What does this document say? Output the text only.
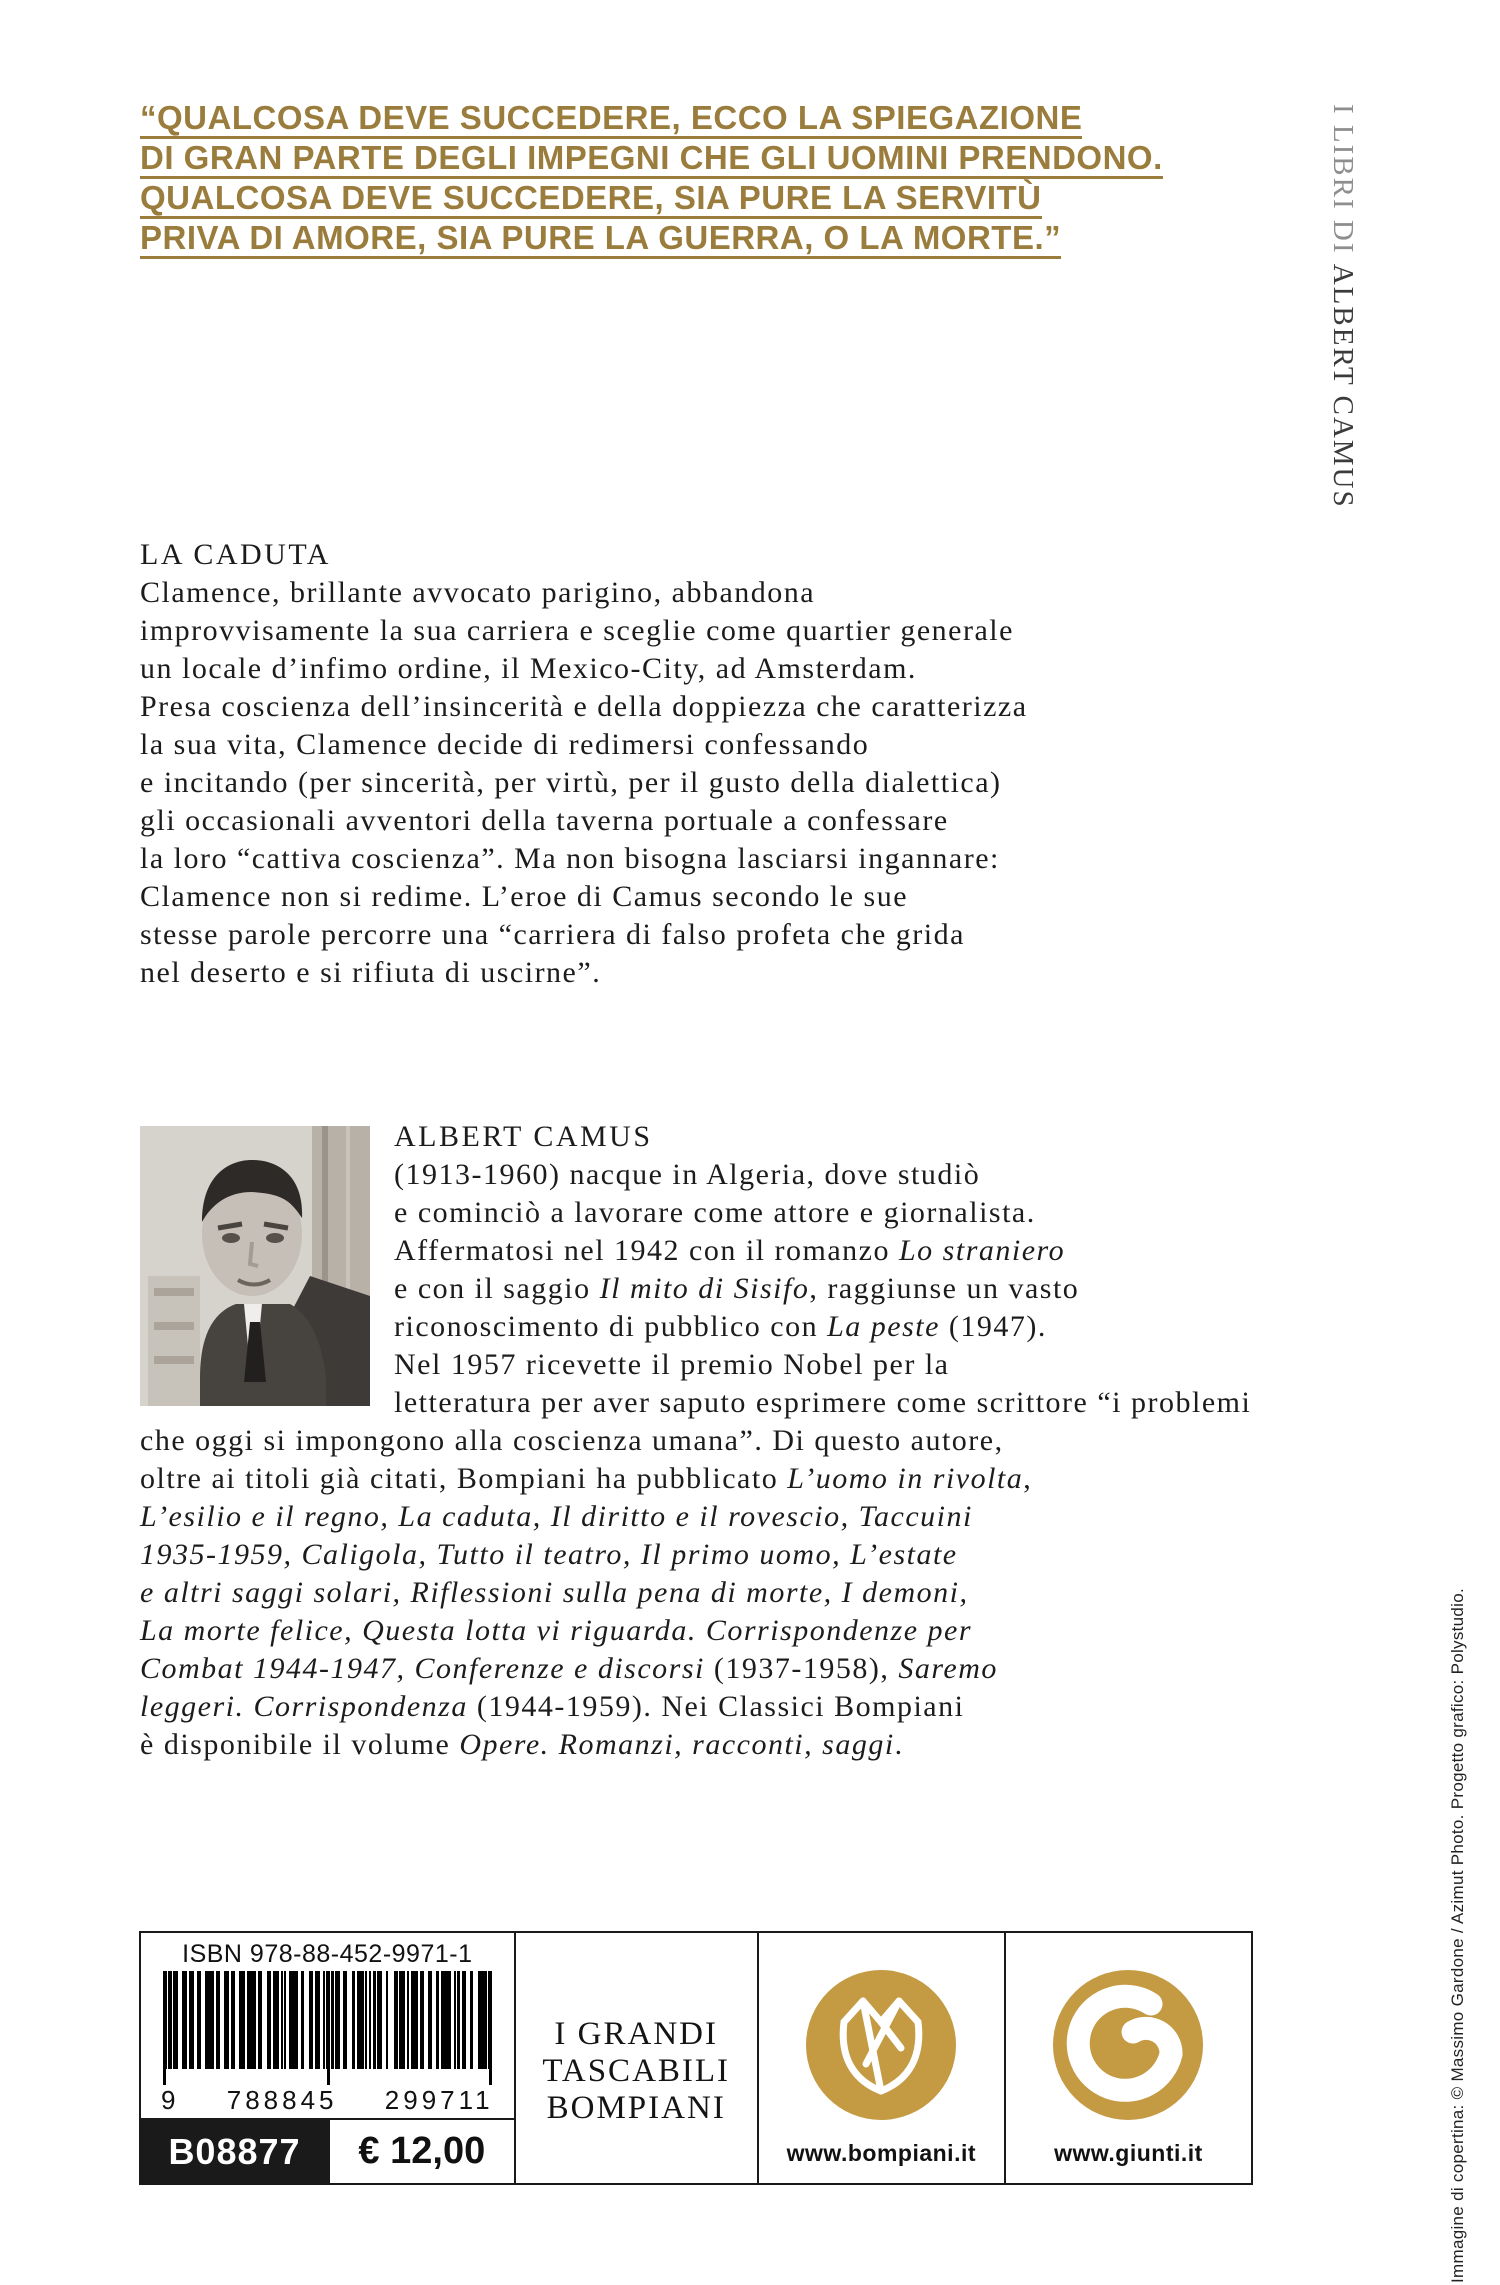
“QUALCOSA DEVE SUCCEDERE, ECCO LA SPIEGAZIONE
DI GRAN PARTE DEGLI IMPEGNI CHE GLI UOMINI PRENDONO.
QUALCOSA DEVE SUCCEDERE, SIA PURE LA SERVITÙ
PRIVA DI AMORE, SIA PURE LA GUERRA, O LA MORTE.”	I LIBRI DI ALBERT CAMUS
LA CADUTA
Clamence, brillante avvocato parigino, abbandona
improvvisamente la sua carriera e sceglie come quartier generale
un locale d’infimo ordine, il Mexico-City, ad Amsterdam.
Presa coscienza dell’insincerità e della doppiezza che caratterizza
la sua vita, Clamence decide di redimersi confessando
e incitando (per sincerità, per virtù, per il gusto della dialettica)
gli occasionali avventori della taverna portuale a confessare
la loro “cattiva coscienza”. Ma non bisogna lasciarsi ingannare:
Clamence non si redime. L’eroe di Camus secondo le sue
stesse parole percorre una “carriera di falso profeta che grida
nel deserto e si rifiuta di uscirne”.
ALBERT CAMUS
(1913-1960) nacque in Algeria, dove studiò
e cominciò a lavorare come attore e giornalista.
Affermatosi nel 1942 con il romanzo Lo straniero
e con il saggio Il mito di Sisifo, raggiunse un vasto
riconoscimento di pubblico con La peste (1947).
Nel 1957 ricevette il premio Nobel per la
letteratura per aver saputo esprimere come scrittore “i problemi
che oggi si impongono alla coscienza umana”. Di questo autore,
oltre ai titoli già citati, Bompiani ha pubblicato L’uomo in rivolta,
L’esilio e il regno, La caduta, Il diritto e il rovescio, Taccuini
1935-1959, Caligola, Tutto il teatro, Il primo uomo, L’estate
e altri saggi solari, Riflessioni sulla pena di morte, I demoni,
La morte felice, Questa lotta vi riguarda. Corrispondenze per
Combat 1944-1947, Conferenze e discorsi (1937-1958), Saremo
leggeri. Corrispondenza (1944-1959). Nei Classici Bompiani
è disponibile il volume Opere. Romanzi, racconti, saggi.
ISBN 978-88-452-9971-1
9 788845 299711
B08877	€ 12,00
I GRANDI
TASCABILI
BOMPIANI
www.bompiani.it	www.giunti.it	Immagine di copertina: © Massimo Gardone / Azimut Photo. Progetto grafico: Polystudio.
